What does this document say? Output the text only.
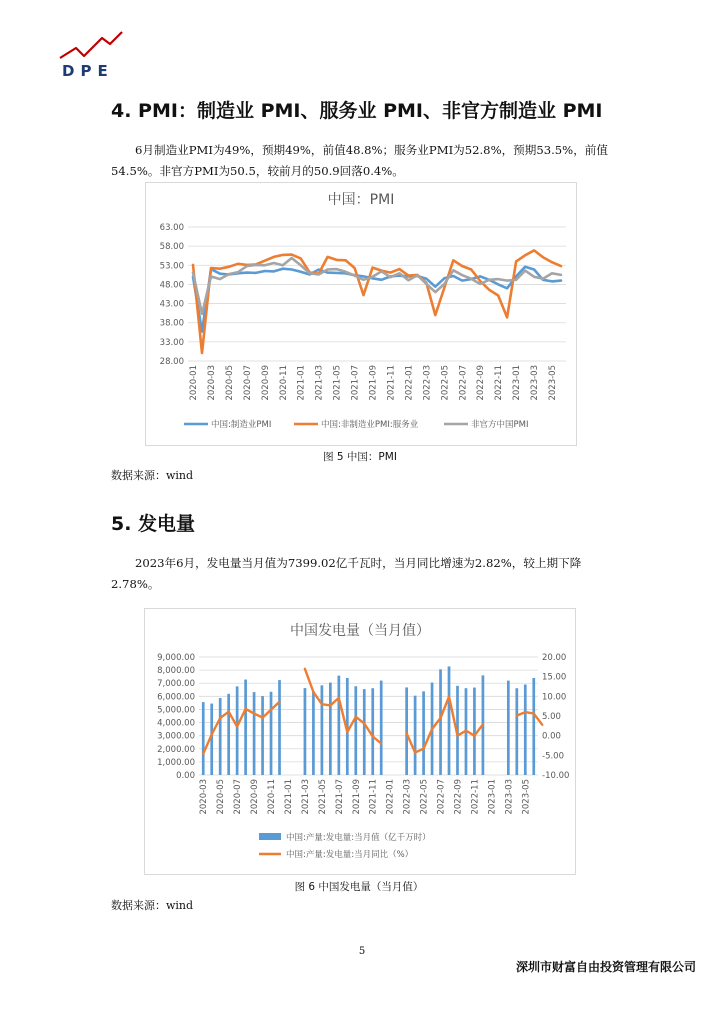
DPE
4. PMI：制造业 PMI、服务业 PMI、非官方制造业 PMI
6月制造业PMI为49%，预期49%，前值48.8%；服务业PMI为52.8%，预期53.5%，前值54.5%。非官方PMI为50.5，较前月的50.9回落0.4%。
中国：PMI
63.00
58.00
53.00
48.00
43.00
38.00
33.00
28.00
2020-01 2020-03 2020-05 2020-07 2020-09 2020-11 2021-01 2021-03 2021-05 2021-07 2021-09 2021-11 2022-01 2022-03 2022-05 2022-07 2022-09 2022-11 2023-01 2023-03 2023-05
中国:制造业PMI	中国:非制造业PMI:服务业	非官方中国PMI
图 5 中国：PMI
数据来源：wind
5. 发电量
2023年6月，发电量当月值为7399.02亿千瓦时，当月同比增速为2.82%，较上期下降2.78%。
中国发电量（当月值）
9,000.00
8,000.00
7,000.00
6,000.00
5,000.00
4,000.00
3,000.00
2,000.00
1,000.00
0.00
20.00
15.00
10.00
5.00
0.00
-5.00
-10.00
2020-03 2020-05 2020-07 2020-09 2020-11 2021-01 2021-03 2021-05 2021-07 2021-09 2021-11 2022-01 2022-03 2022-05 2022-07 2022-09 2022-11 2023-01 2023-03 2023-05
中国:产量:发电量:当月值（亿千万时）
中国:产量:发电量:当月同比（%）
图 6 中国发电量（当月值）
数据来源：wind
5
深圳市财富自由投资管理有限公司
